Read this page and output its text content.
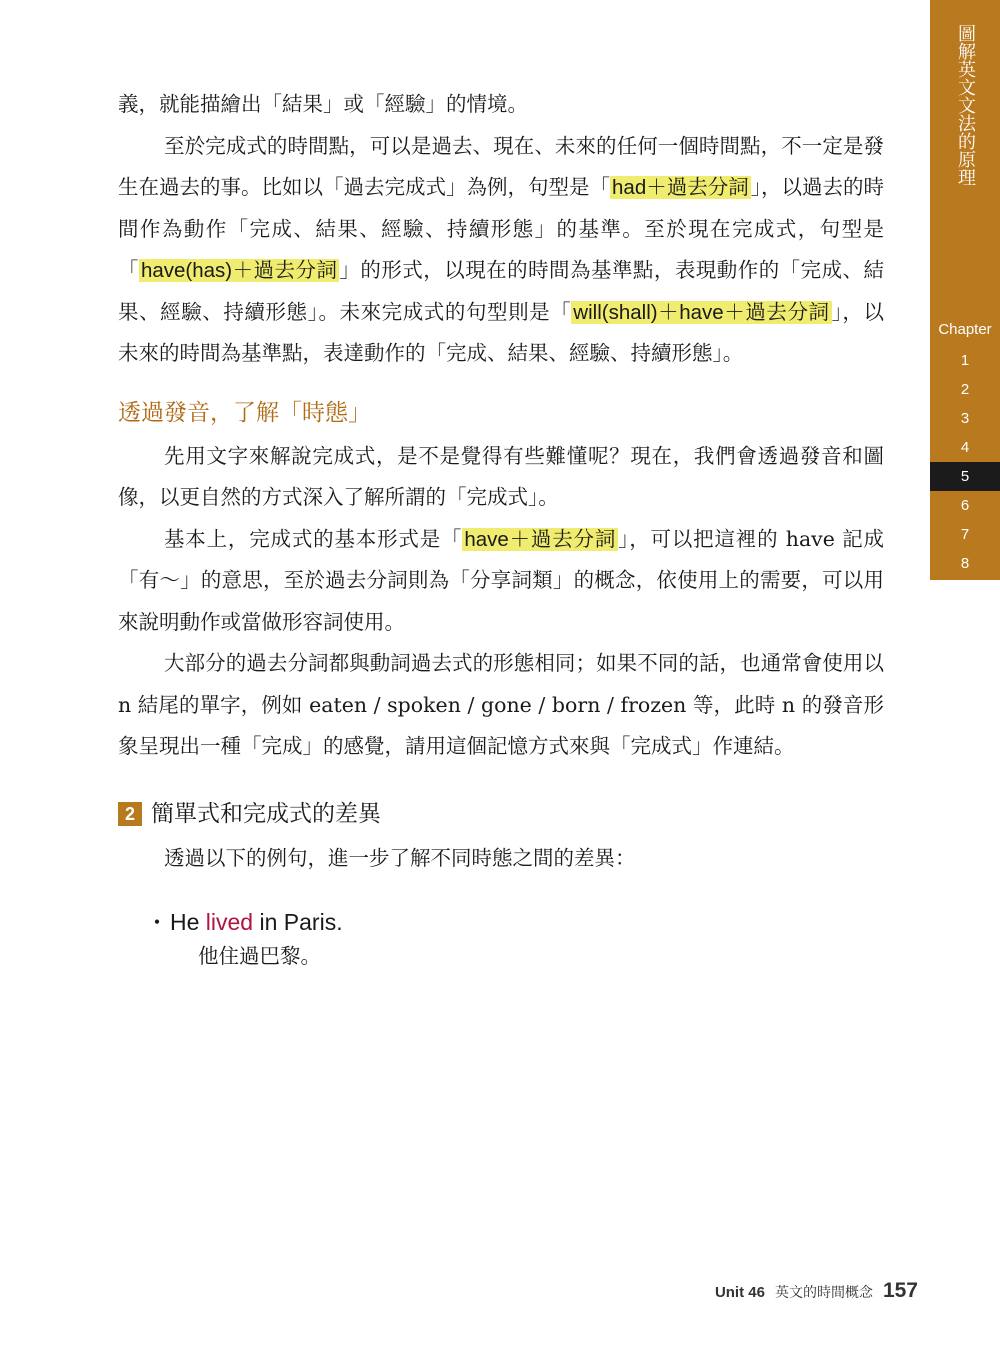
圖解英文文法的原理
Chapter
1
2
3
4
5
6
7
8

義，就能描繪出「結果」或「經驗」的情境。

至於完成式的時間點，可以是過去、現在、未來的任何一個時間點，不一定是發生在過去的事。比如以「過去完成式」為例，句型是「had＋過去分詞」，以過去的時間作為動作「完成、結果、經驗、持續形態」的基準。至於現在完成式，句型是「have(has)＋過去分詞」的形式，以現在的時間為基準點，表現動作的「完成、結果、經驗、持續形態」。未來完成式的句型則是「will(shall)＋have＋過去分詞」，以未來的時間為基準點，表達動作的「完成、結果、經驗、持續形態」。

透過發音，了解「時態」

先用文字來解說完成式，是不是覺得有些難懂呢？現在，我們會透過發音和圖像，以更自然的方式深入了解所謂的「完成式」。

基本上，完成式的基本形式是「have＋過去分詞」，可以把這裡的 have 記成「有～」的意思，至於過去分詞則為「分享詞類」的概念，依使用上的需要，可以用來說明動作或當做形容詞使用。

大部分的過去分詞都與動詞過去式的形態相同；如果不同的話，也通常會使用以 n 結尾的單字，例如 eaten / spoken / gone / born / frozen 等，此時 n 的發音形象呈現出一種「完成」的感覺，請用這個記憶方式來與「完成式」作連結。

2 簡單式和完成式的差異

透過以下的例句，進一步了解不同時態之間的差異：

・He lived in Paris.
他住過巴黎。
Unit 46 英文的時間概念 157
